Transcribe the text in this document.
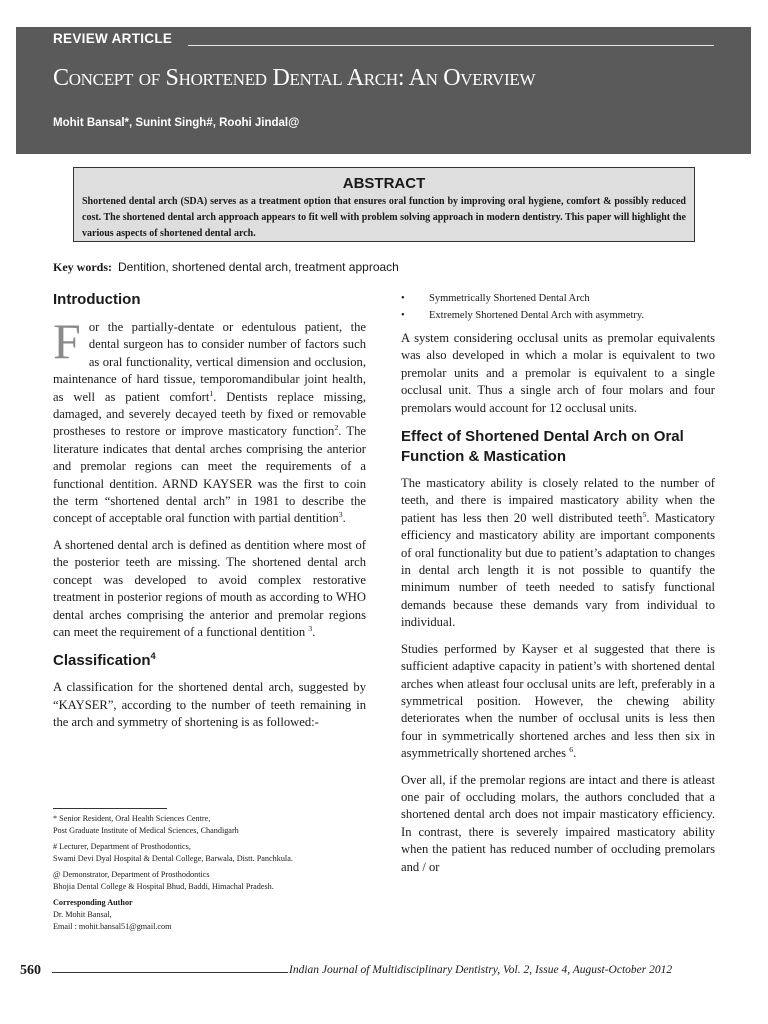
REVIEW ARTICLE
Concept of Shortened Dental Arch: An Overview
Mohit Bansal*, Sunint Singh#, Roohi Jindal@
ABSTRACT
Shortened dental arch (SDA) serves as a treatment option that ensures oral function by improving oral hygiene, comfort & possibly reduced cost. The shortened dental arch approach appears to fit well with problem solving approach in modern dentistry. This paper will highlight the various aspects of shortened dental arch.
Key words: Dentition, shortened dental arch, treatment approach
Introduction

For the partially-dentate or edentulous patient, the dental surgeon has to consider number of factors such as oral functionality, vertical dimension and occlusion, maintenance of hard tissue, temporomandibular joint health, as well as patient comfort$^1$. Dentists replace missing, damaged, and severely decayed teeth by fixed or removable prostheses to restore or improve masticatory function$^2$. The literature indicates that dental arches comprising the anterior and premolar regions can meet the requirements of a functional dentition. ARND KAYSER was the first to coin the term “shortened dental arch” in 1981 to describe the concept of acceptable oral function with partial dentition$^3$.

A shortened dental arch is defined as dentition where most of the posterior teeth are missing. The shortened dental arch concept was developed to avoid complex restorative treatment in posterior regions of mouth as according to WHO dental arches comprising the anterior and premolar regions can meet the requirement of a functional dentition $^3$.

Classification$^4$

A classification for the shortened dental arch, suggested by “KAYSER”, according to the number of teeth remaining in the arch and symmetry of shortening is as followed:-

* Senior Resident, Oral Health Sciences Centre,
Post Graduate Institute of Medical Sciences, Chandigarh

# Lecturer, Department of Prosthodontics,
Swami Devi Dyal Hospital & Dental College, Barwala, Distt. Panchkula.

@ Demonstrator, Department of Prosthodontics
Bhojia Dental College & Hospital Bhud, Baddi, Himachal Pradesh.

Corresponding Author
Dr. Mohit Bansal,
Email : mohit.bansal51@gmail.com

• Symmetrically Shortened Dental Arch
• Extremely Shortened Dental Arch with asymmetry.

A system considering occlusal units as premolar equivalents was also developed in which a molar is equivalent to two premolar units and a premolar is equivalent to a single occlusal unit. Thus a single arch of four molars and four premolars would account for 12 occlusal units.

Effect of Shortened Dental Arch on Oral Function & Mastication

The masticatory ability is closely related to the number of teeth, and there is impaired masticatory ability when the patient has less then 20 well distributed teeth$^5$. Masticatory efficiency and masticatory ability are important components of oral functionality but due to patient’s adaptation to changes in dental arch length it is not possible to quantify the minimum number of teeth needed to satisfy functional demands because these demands vary from individual to individual.

Studies performed by Kayser et al suggested that there is sufficient adaptive capacity in patient’s with shortened dental arches when atleast four occlusal units are left, preferably in a symmetrical position. However, the chewing ability deteriorates when the number of occlusal units is less then four in symmetrically shortened arches and less then six in asymmetrically shortened arches $^6$.

Over all, if the premolar regions are intact and there is atleast one pair of occluding molars, the authors concluded that a shortened dental arch does not impair masticatory efficiency. In contrast, there is severely impaired masticatory ability when the patient has reduced number of occluding premolars and / or

560	Indian Journal of Multidisciplinary Dentistry, Vol. 2, Issue 4, August-October 2012
